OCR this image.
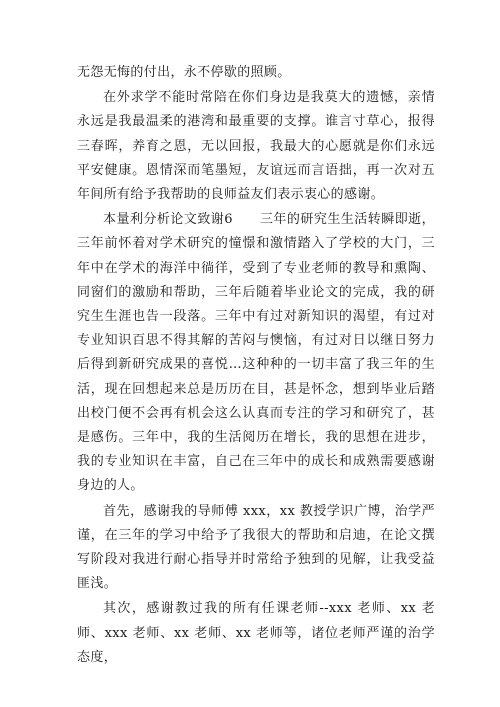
无怨无悔的付出，永不停歇的照顾。

在外求学不能时常陪在你们身边是我莫大的遗憾，亲情永远是我最温柔的港湾和最重要的支撑。谁言寸草心，报得三春晖，养育之恩，无以回报，我最大的心愿就是你们永远平安健康。恩情深而笔墨短，友谊远而言语拙，再一次对五年间所有给予我帮助的良师益友们表示衷心的感谢。

本量利分析论文致谢6　　三年的研究生生活转瞬即逝，三年前怀着对学术研究的憧憬和激情踏入了学校的大门，三年中在学术的海洋中徜徉，受到了专业老师的教导和熏陶、同窗们的激励和帮助，三年后随着毕业论文的完成，我的研究生生涯也告一段落。三年中有过对新知识的渴望，有过对专业知识百思不得其解的苦闷与懊恼，有过对日以继日努力后得到新研究成果的喜悦…这种种的一切丰富了我三年的生活，现在回想起来总是历历在目，甚是怀念，想到毕业后踏出校门便不会再有机会这么认真而专注的学习和研究了，甚是感伤。三年中，我的生活阅历在增长，我的思想在进步，我的专业知识在丰富，自己在三年中的成长和成熟需要感谢身边的人。

首先，感谢我的导师傅 xxx，xx 教授学识广博，治学严谨，在三年的学习中给予了我很大的帮助和启迪，在论文撰写阶段对我进行耐心指导并时常给予独到的见解，让我受益匪浅。

其次，感谢教过我的所有任课老师--xxx 老师、xx 老师、xxx 老师、xx 老师、xx 老师等，诸位老师严谨的治学态度，
